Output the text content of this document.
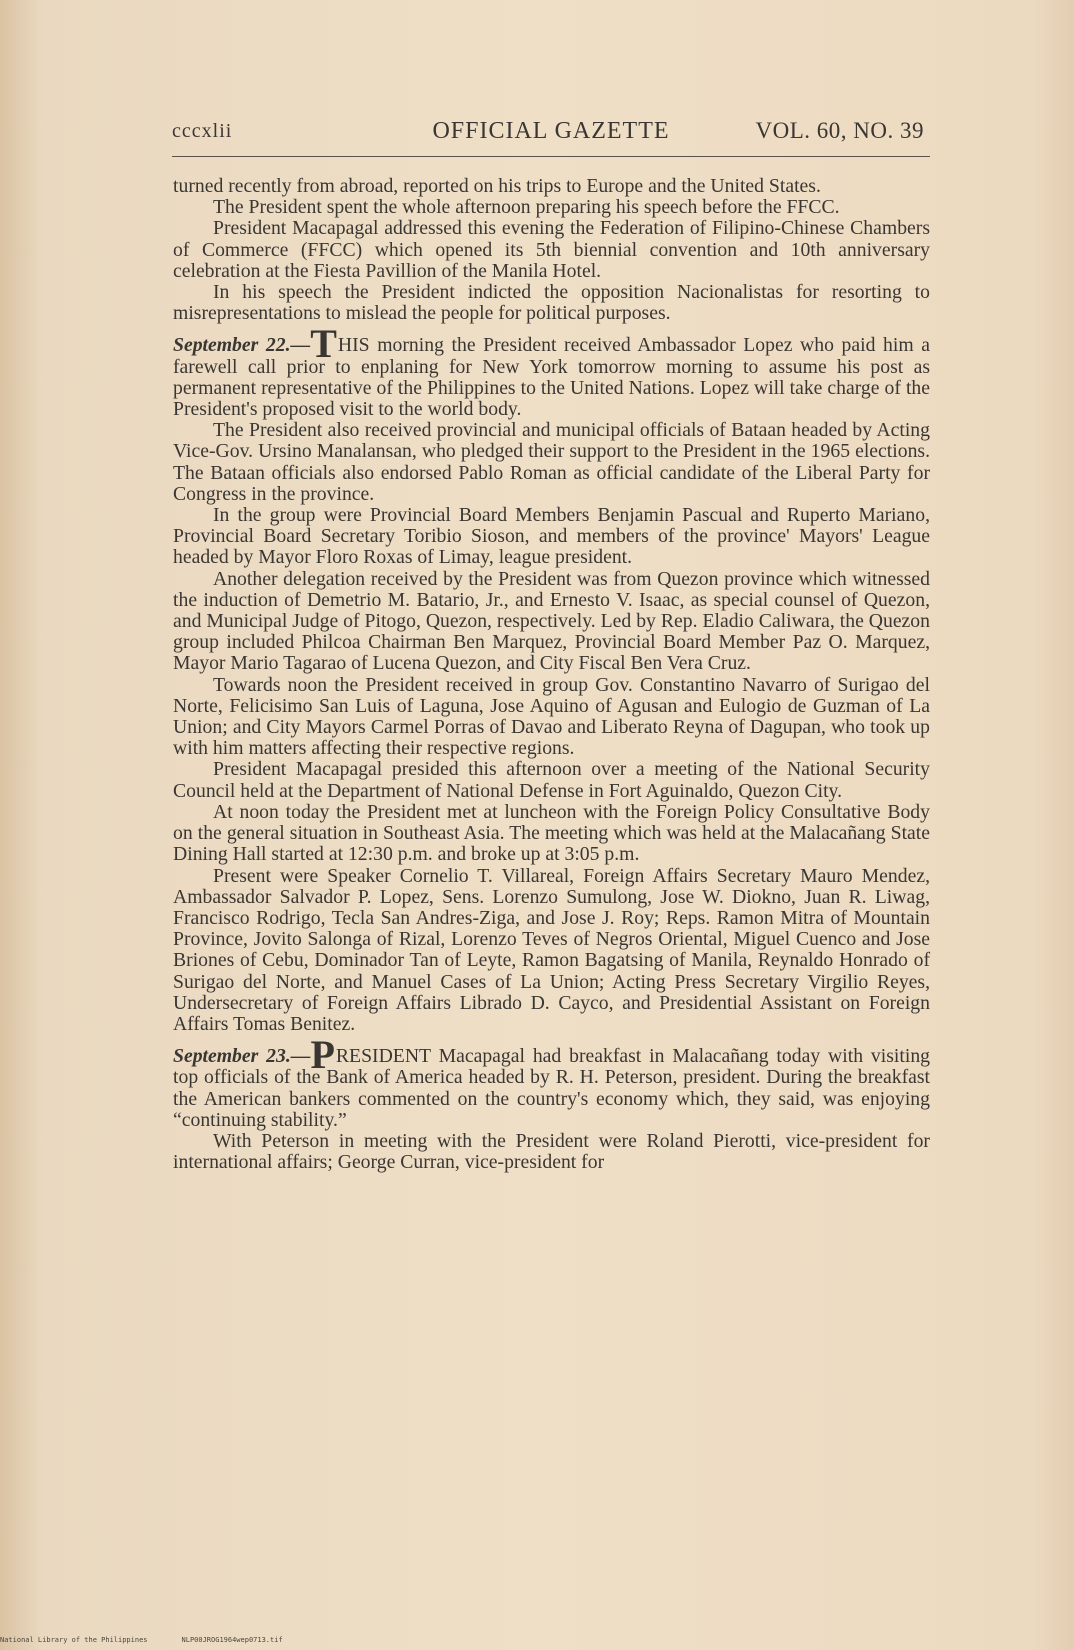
cccxlii	OFFICIAL GAZETTE	VOL. 60, NO. 39

turned recently from abroad, reported on his trips to Europe and the United States.

The President spent the whole afternoon preparing his speech before the FFCC.

President Macapagal addressed this evening the Federation of Filipino-Chinese Chambers of Commerce (FFCC) which opened its 5th biennial convention and 10th anniversary celebration at the Fiesta Pavillion of the Manila Hotel.

In his speech the President indicted the opposition Nacionalistas for resorting to misrepresentations to mislead the people for political purposes.

September 22.—THIS morning the President received Ambassador Lopez who paid him a farewell call prior to enplaning for New York tomorrow morning to assume his post as permanent representative of the Philippines to the United Nations. Lopez will take charge of the President's proposed visit to the world body.

The President also received provincial and municipal officials of Bataan headed by Acting Vice-Gov. Ursino Manalansan, who pledged their support to the President in the 1965 elections. The Bataan officials also endorsed Pablo Roman as official candidate of the Liberal Party for Congress in the province.

In the group were Provincial Board Members Benjamin Pascual and Ruperto Mariano, Provincial Board Secretary Toribio Sioson, and members of the province' Mayors' League headed by Mayor Floro Roxas of Limay, league president.

Another delegation received by the President was from Quezon province which witnessed the induction of Demetrio M. Batario, Jr., and Ernesto V. Isaac, as special counsel of Quezon, and Municipal Judge of Pitogo, Quezon, respectively. Led by Rep. Eladio Caliwara, the Quezon group included Philcoa Chairman Ben Marquez, Provincial Board Member Paz O. Marquez, Mayor Mario Tagarao of Lucena Quezon, and City Fiscal Ben Vera Cruz.

Towards noon the President received in group Gov. Constantino Navarro of Surigao del Norte, Felicisimo San Luis of Laguna, Jose Aquino of Agusan and Eulogio de Guzman of La Union; and City Mayors Carmel Porras of Davao and Liberato Reyna of Dagupan, who took up with him matters affecting their respective regions.

President Macapagal presided this afternoon over a meeting of the National Security Council held at the Department of National Defense in Fort Aguinaldo, Quezon City.

At noon today the President met at luncheon with the Foreign Policy Consultative Body on the general situation in Southeast Asia. The meeting which was held at the Malacañang State Dining Hall started at 12:30 p.m. and broke up at 3:05 p.m.

Present were Speaker Cornelio T. Villareal, Foreign Affairs Secretary Mauro Mendez, Ambassador Salvador P. Lopez, Sens. Lorenzo Sumulong, Jose W. Diokno, Juan R. Liwag, Francisco Rodrigo, Tecla San Andres-Ziga, and Jose J. Roy; Reps. Ramon Mitra of Mountain Province, Jovito Salonga of Rizal, Lorenzo Teves of Negros Oriental, Miguel Cuenco and Jose Briones of Cebu, Dominador Tan of Leyte, Ramon Bagatsing of Manila, Reynaldo Honrado of Surigao del Norte, and Manuel Cases of La Union; Acting Press Secretary Virgilio Reyes, Undersecretary of Foreign Affairs Librado D. Cayco, and Presidential Assistant on Foreign Affairs Tomas Benitez.

September 23.—PRESIDENT Macapagal had breakfast in Malacañang today with visiting top officials of the Bank of America headed by R. H. Peterson, president. During the breakfast the American bankers commented on the country's economy which, they said, was enjoying “continuing stability.”

With Peterson in meeting with the President were Roland Pierotti, vice-president for international affairs; George Curran, vice-president for

National Library of the Philippines	NLP00JROG1964wep0713.tif
